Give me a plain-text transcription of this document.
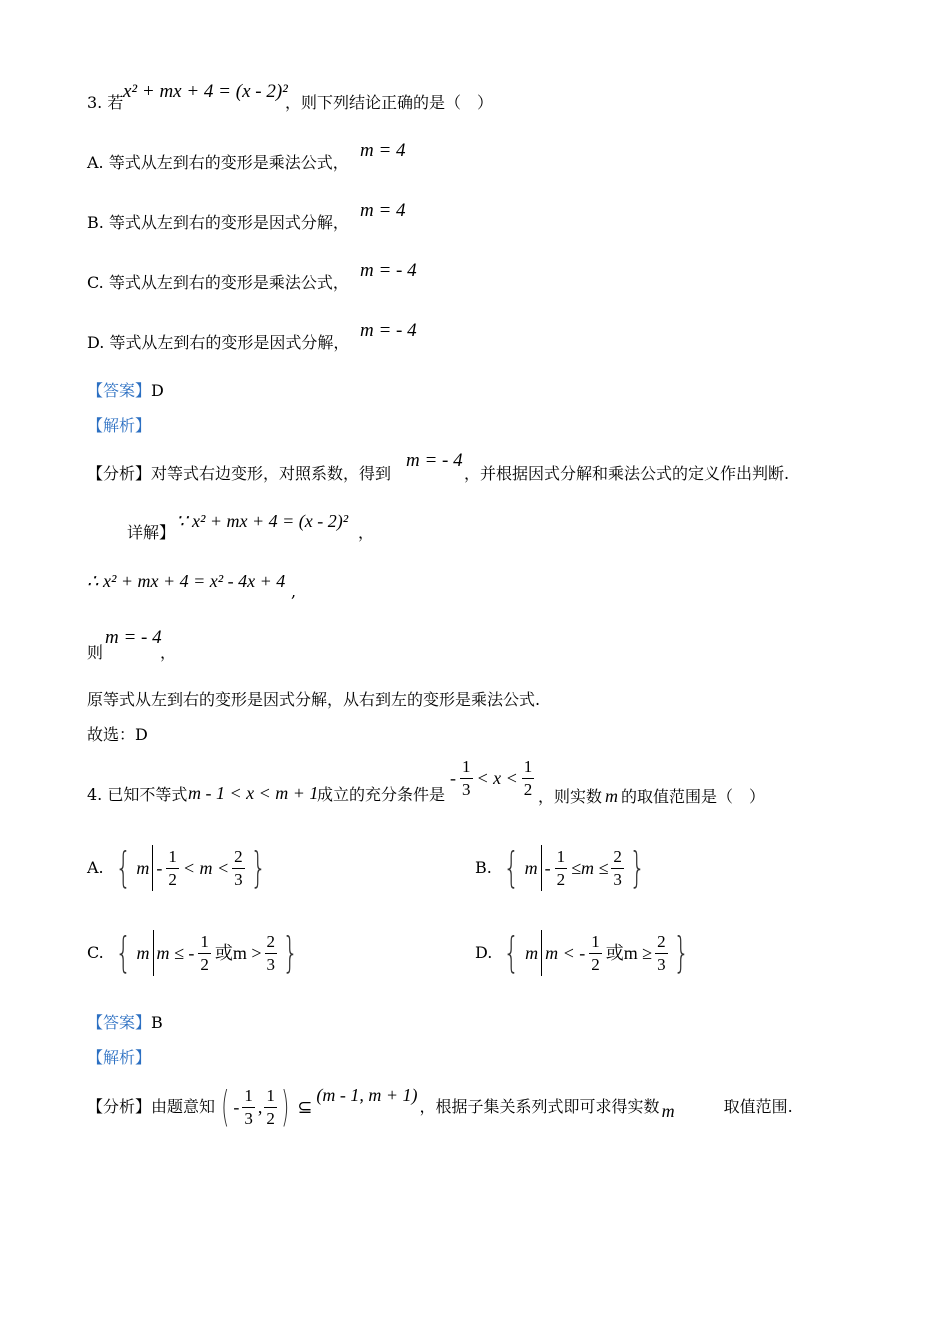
3. 若
x² + mx + 4 = (x - 2)²
，则下列结论正确的是（　）
A. 等式从左到右的变形是乘法公式，
m = 4
B. 等式从左到右的变形是因式分解，
m = 4
C. 等式从左到右的变形是乘法公式，
m = - 4
D. 等式从左到右的变形是因式分解，
m = - 4
【答案】D
【解析】
【分析】对等式右边变形，对照系数，得到
m = - 4
，并根据因式分解和乘法公式的定义作出判断.
详解】
∵ x² + mx + 4 = (x - 2)²
，
∴ x² + mx + 4 = x² - 4x + 4
,
则
m = - 4
，
原等式从左到右的变形是因式分解，从右到左的变形是乘法公式.
故选：D
4. 已知不等式 m - 1 < x < m + 1
成立的充分条件是
- $\frac{1}{3} < x < \frac{1}{2}$ ，则实数 m 的取值范围是（　）
A. { $m - \frac{1}{2} < m < \frac{2}{3}$ }	B. { $m - \frac{1}{2} \le m \le \frac{2}{3}$ }
C. { m m ≤ - $\frac{1}{2}$ 或$m > \frac{2}{3}$ }	D. { m m < - $\frac{1}{2}$ 或$m \ge \frac{2}{3}$ }
【答案】B
【解析】
【分析】 由题意知 ( - $\frac{1}{3}$ , $\frac{1}{2}$ ) ⊆
(m - 1, m + 1)
，根据子集关系列式即可求得实数 m	取值范围.
